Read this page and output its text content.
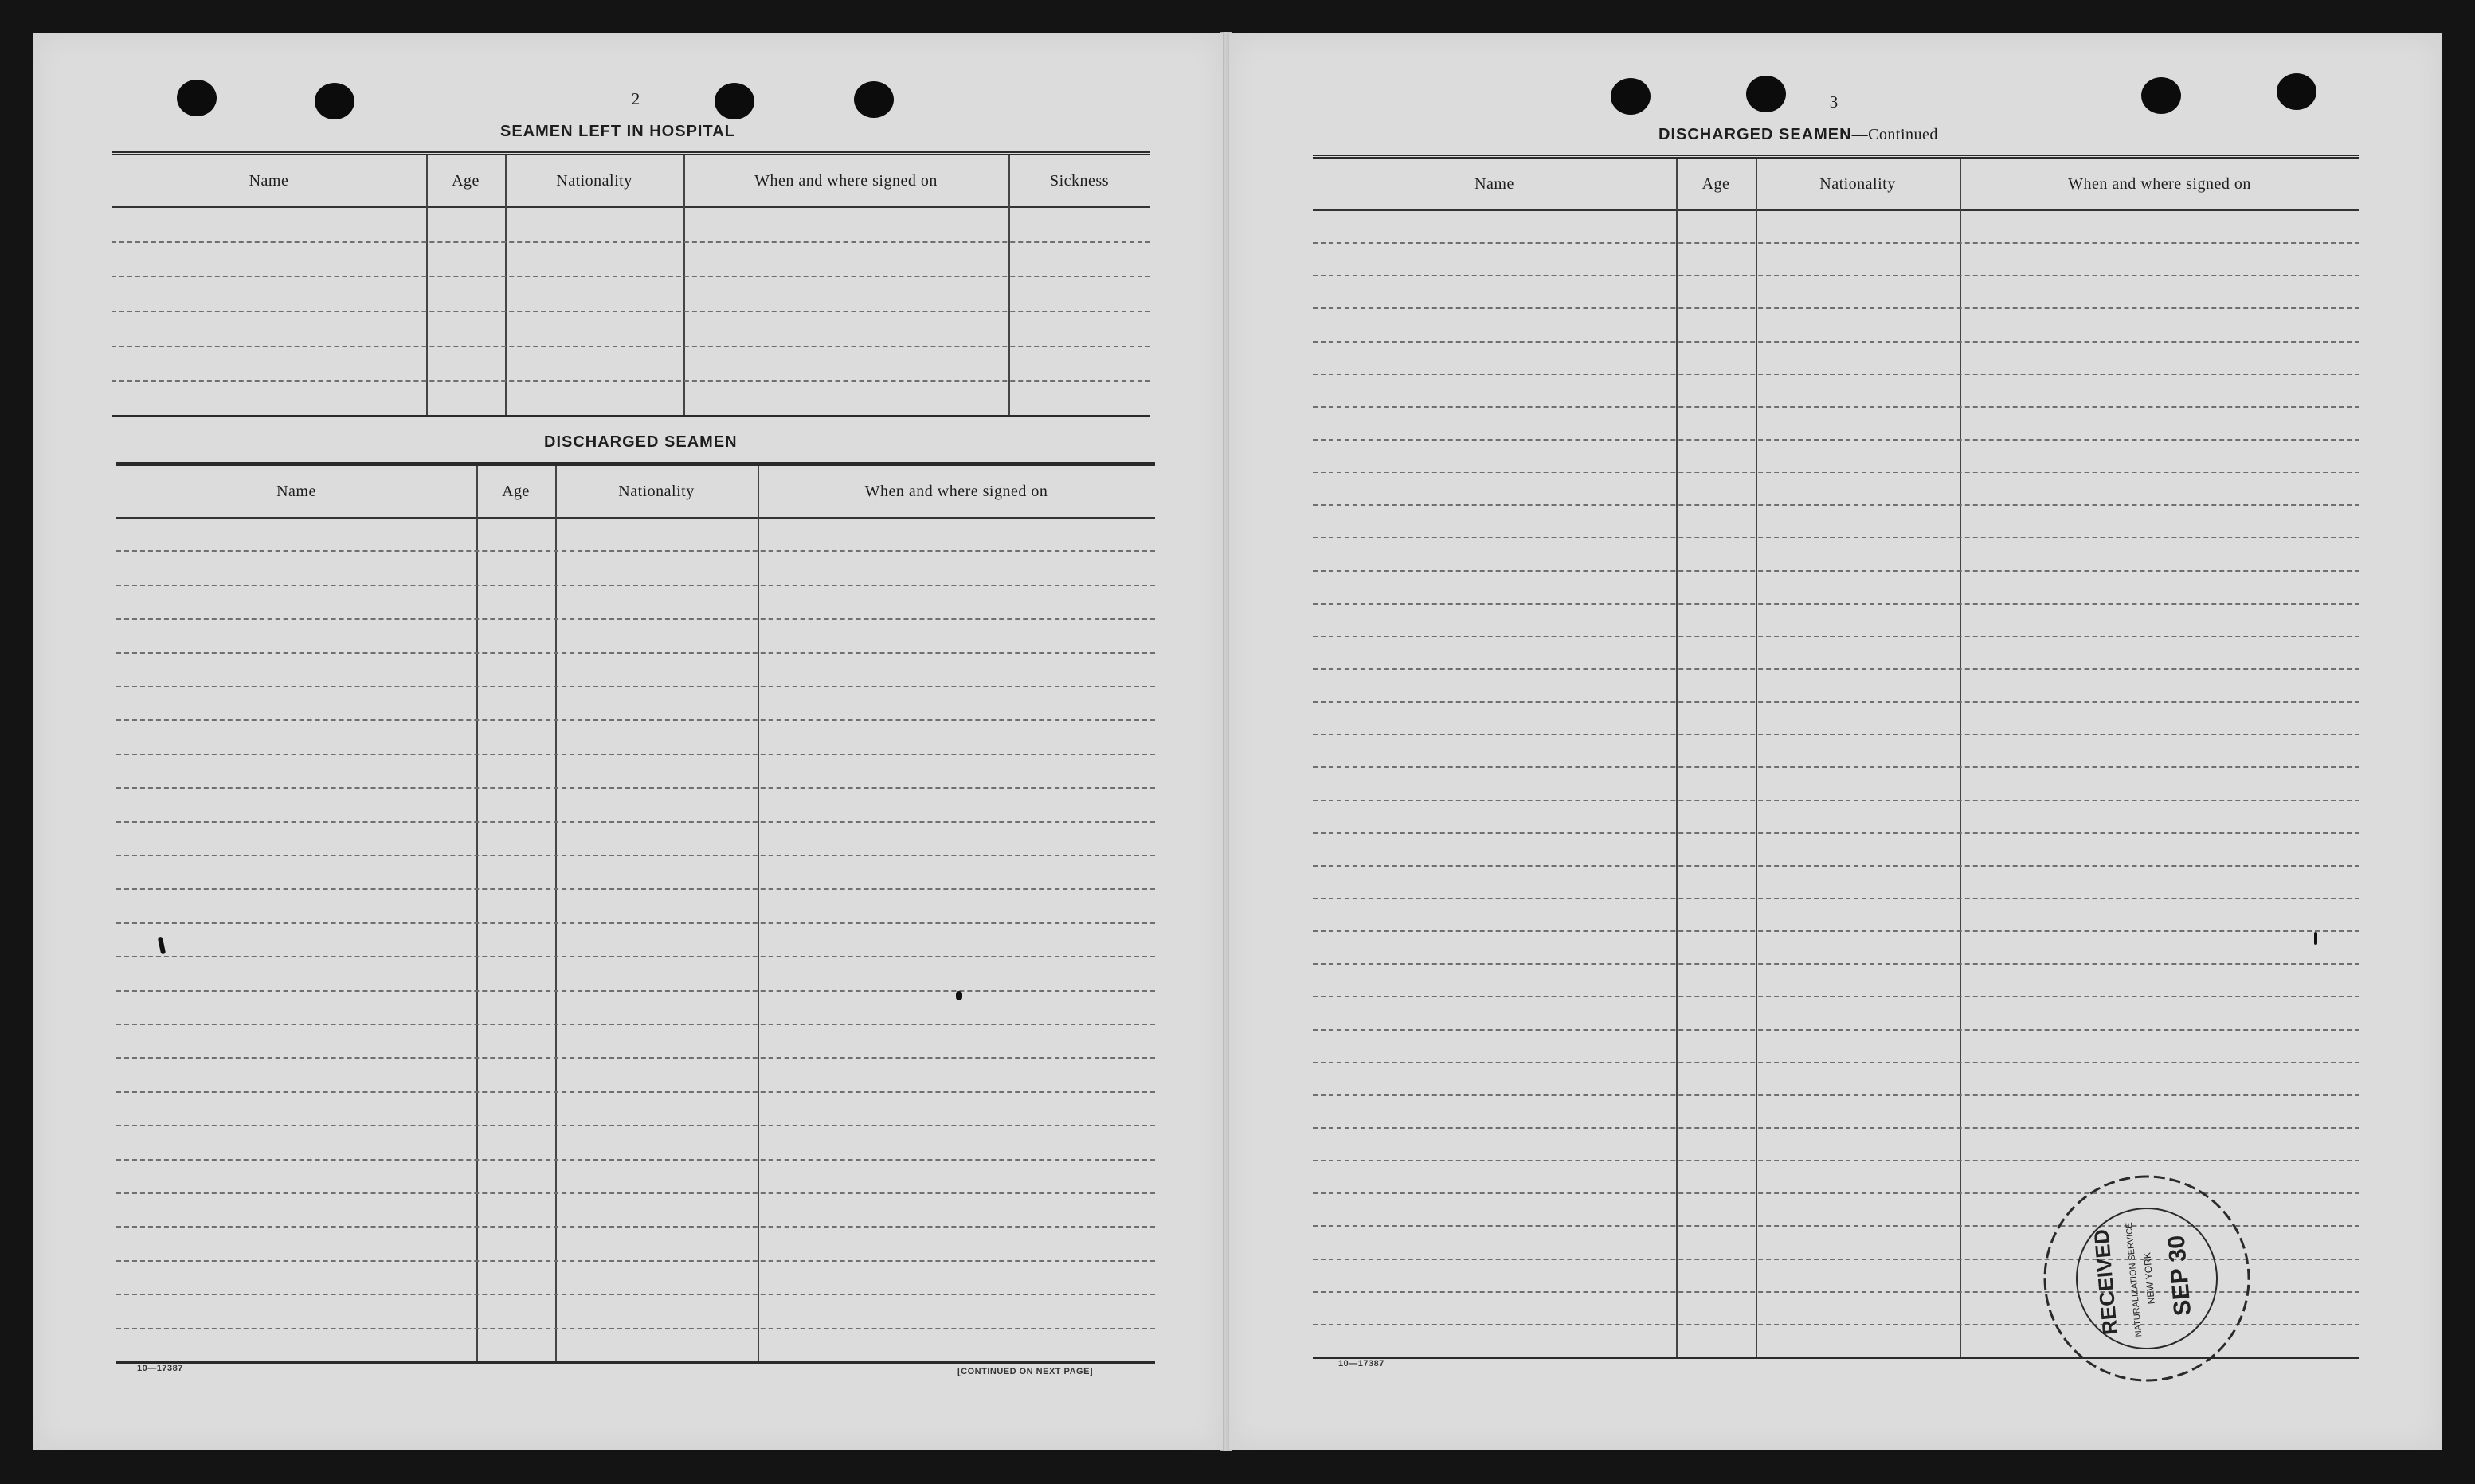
2
SEAMEN LEFT IN HOSPITAL
Name	Age	Nationality	When and where signed on	Sickness
DISCHARGED SEAMEN
Name	Age	Nationality	When and where signed on
10—17387	[CONTINUED ON NEXT PAGE]
3
DISCHARGED SEAMEN—Continued
Name	Age	Nationality	When and where signed on
10—17387
RECEIVED NATURALIZATION SERVICE
NEW YORK SEP 30
